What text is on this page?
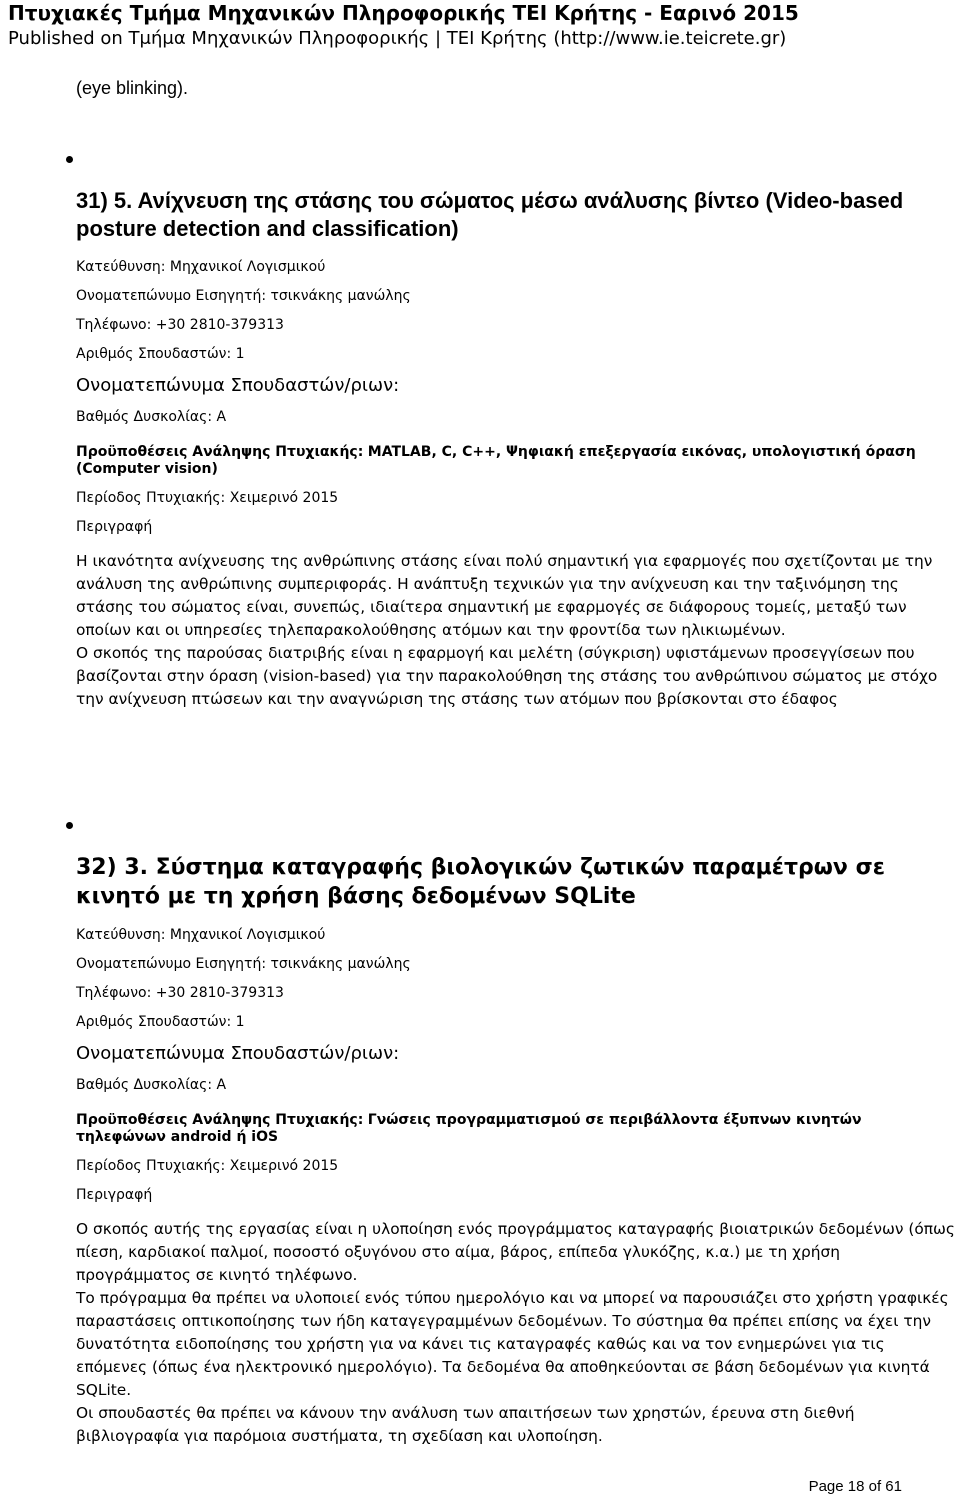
Πτυχιακές Τμήμα Μηχανικών Πληροφορικής ΤΕΙ Κρήτης - Εαρινό 2015
Published on Τμήμα Μηχανικών Πληροφορικής | ΤΕΙ Κρήτης (http://www.ie.teicrete.gr)
(eye blinking).
31) 5. Ανίχνευση της στάσης του σώματος μέσω ανάλυσης βίντεο (Video-based posture detection and classification)
Κατεύθυνση: Μηχανικοί Λογισμικού
Ονοματεπώνυμο Εισηγητή: τσικνάκης μανώλης
Τηλέφωνο: +30 2810-379313
Αριθμός Σπουδαστών: 1
Ονοματεπώνυμα Σπουδαστών/ριων:
Βαθμός Δυσκολίας: A
Προϋποθέσεις Ανάληψης Πτυχιακής: MATLAB, C, C++, Ψηφιακή επεξεργασία εικόνας, υπολογιστική όραση (Computer vision)
Περίοδος Πτυχιακής: Χειμερινό 2015
Περιγραφή
Η ικανότητα ανίχνευσης της ανθρώπινης στάσης είναι πολύ σημαντική για εφαρμογές που σχετίζονται με την ανάλυση της ανθρώπινης συμπεριφοράς. Η ανάπτυξη τεχνικών για την ανίχνευση και την ταξινόμηση της στάσης του σώματος είναι, συνεπώς, ιδιαίτερα σημαντική με εφαρμογές σε διάφορους τομείς, μεταξύ των οποίων και οι υπηρεσίες τηλεπαρακολούθησης ατόμων και την φροντίδα των ηλικιωμένων.
Ο σκοπός της παρούσας διατριβής είναι η εφαρμογή και μελέτη (σύγκριση) υφιστάμενων προσεγγίσεων που βασίζονται στην όραση (vision-based) για την παρακολούθηση της στάσης του ανθρώπινου σώματος με στόχο την ανίχνευση πτώσεων και την αναγνώριση της στάσης των ατόμων που βρίσκονται στο έδαφος
32) 3. Σύστημα καταγραφής βιολογικών ζωτικών παραμέτρων σε κινητό με τη χρήση βάσης δεδομένων SQLite
Κατεύθυνση: Μηχανικοί Λογισμικού
Ονοματεπώνυμο Εισηγητή: τσικνάκης μανώλης
Τηλέφωνο: +30 2810-379313
Αριθμός Σπουδαστών: 1
Ονοματεπώνυμα Σπουδαστών/ριων:
Βαθμός Δυσκολίας: A
Προϋποθέσεις Ανάληψης Πτυχιακής: Γνώσεις προγραμματισμού σε περιβάλλοντα έξυπνων κινητών τηλεφώνων android ή iOS
Περίοδος Πτυχιακής: Χειμερινό 2015
Περιγραφή
Ο σκοπός αυτής της εργασίας είναι η υλοποίηση ενός προγράμματος καταγραφής βιοιατρικών δεδομένων (όπως πίεση, καρδιακοί παλμοί, ποσοστό οξυγόνου στο αίμα, βάρος, επίπεδα γλυκόζης, κ.α.) με τη χρήση προγράμματος σε κινητό τηλέφωνο.
Το πρόγραμμα θα πρέπει να υλοποιεί ενός τύπου ημερολόγιο και να μπορεί να παρουσιάζει στο χρήστη γραφικές παραστάσεις οπτικοποίησης των ήδη καταγεγραμμένων δεδομένων. Το σύστημα θα πρέπει επίσης να έχει την δυνατότητα ειδοποίησης του χρήστη για να κάνει τις καταγραφές καθώς και να τον ενημερώνει για τις επόμενες (όπως ένα ηλεκτρονικό ημερολόγιο). Τα δεδομένα θα αποθηκεύονται σε βάση δεδομένων για κινητά SQLite.
Οι σπουδαστές θα πρέπει να κάνουν την ανάλυση των απαιτήσεων των χρηστών, έρευνα στη διεθνή βιβλιογραφία για παρόμοια συστήματα, τη σχεδίαση και υλοποίηση.
Page 18 of 61
